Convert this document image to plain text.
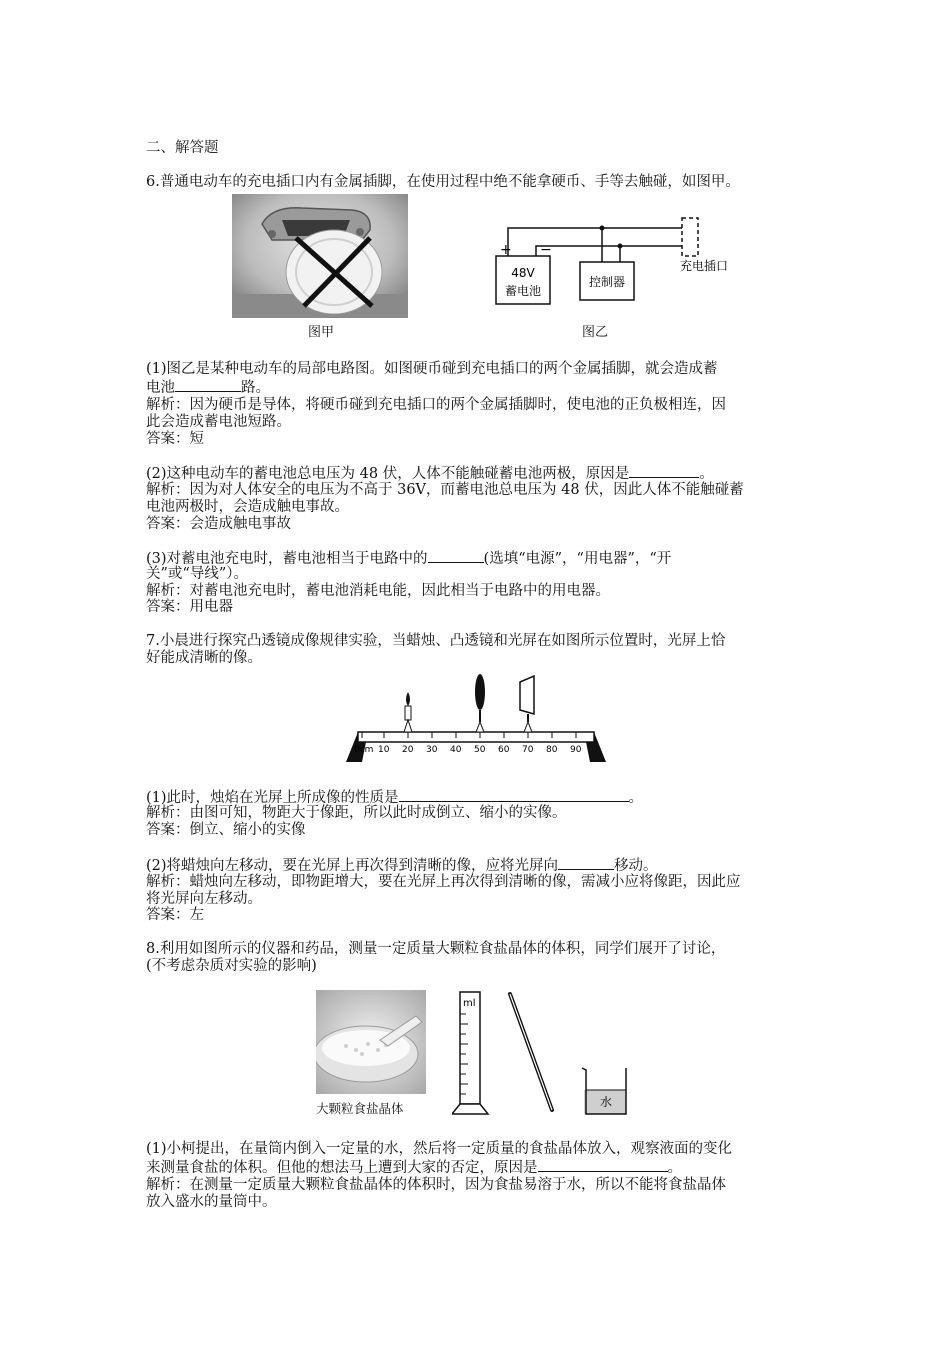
二、解答题
6.普通电动车的充电插口内有金属插脚，在使用过程中绝不能拿硬币、手等去触碰，如图甲。
图甲
+ −
48V
蓄电池
控制器
充电插口
图乙
(1)图乙是某种电动车的局部电路图。如图硬币碰到充电插口的两个金属插脚，就会造成蓄
电池	路。
解析：因为硬币是导体，将硬币碰到充电插口的两个金属插脚时，使电池的正负极相连，因
此会造成蓄电池短路。
答案：短
(2)这种电动车的蓄电池总电压为 48 伏，人体不能触碰蓄电池两极，原因是	。
解析：因为对人体安全的电压为不高于 36V，而蓄电池总电压为 48 伏，因此人体不能触碰蓄
电池两极时，会造成触电事故。
答案：会造成触电事故
(3)对蓄电池充电时，蓄电池相当于电路中的	(选填“电源”，“用电器”，“开
关”或“导线”）。
解析：对蓄电池充电时，蓄电池消耗电能，因此相当于电路中的用电器。
答案：用电器
7.小晨进行探究凸透镜成像规律实验，当蜡烛、凸透镜和光屏在如图所示位置时，光屏上恰
好能成清晰的像。
0cm 10 20 30 40 50 60 70 80 90
(1)此时，烛焰在光屏上所成像的性质是	。
解析：由图可知，物距大于像距，所以此时成倒立、缩小的实像。
答案：倒立、缩小的实像
(2)将蜡烛向左移动，要在光屏上再次得到清晰的像，应将光屏向	移动。
解析：蜡烛向左移动，即物距增大，要在光屏上再次得到清晰的像，需减小应将像距，因此应
将光屏向左移动。
答案：左
8.利用如图所示的仪器和药品，测量一定质量大颗粒食盐晶体的体积，同学们展开了讨论，
(不考虑杂质对实验的影响)
大颗粒食盐晶体
ml
水
(1)小柯提出，在量筒内倒入一定量的水，然后将一定质量的食盐晶体放入，观察液面的变化
来测量食盐的体积。但他的想法马上遭到大家的否定，原因是	。
解析：在测量一定质量大颗粒食盐晶体的体积时，因为食盐易溶于水，所以不能将食盐晶体
放入盛水的量筒中。
